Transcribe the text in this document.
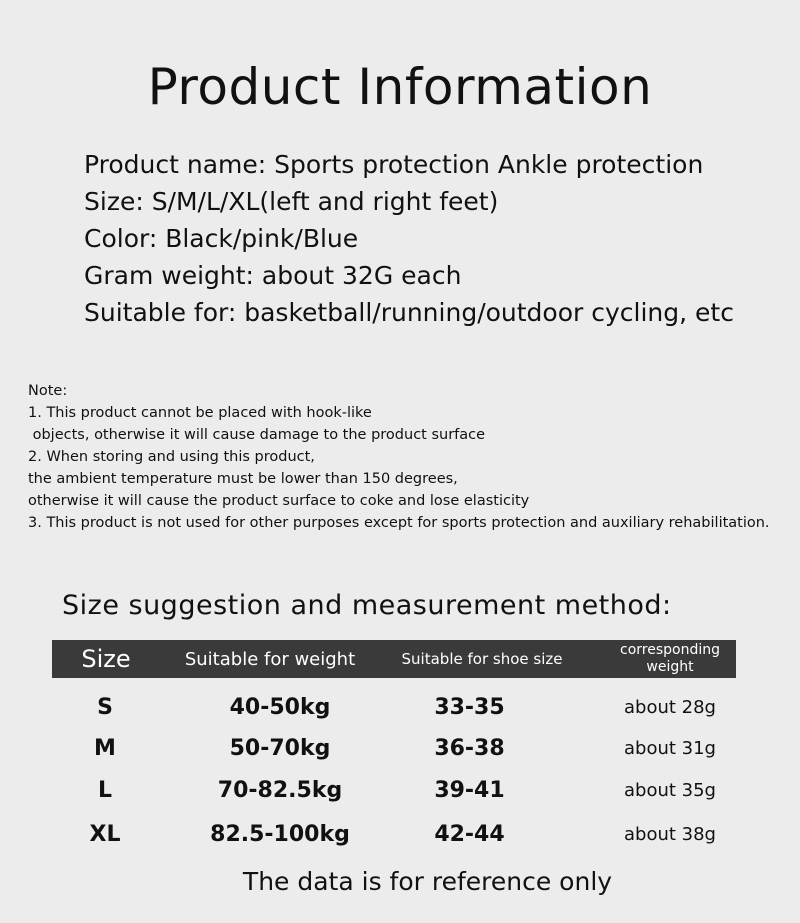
Product Information
Product name: Sports protection Ankle protection
Size: S/M/L/XL(left and right feet)
Color: Black/pink/Blue
Gram weight: about 32G each
Suitable for: basketball/running/outdoor cycling, etc
Note:
1. This product cannot be placed with hook-like
objects, otherwise it will cause damage to the product surface
2. When storing and using this product,
the ambient temperature must be lower than 150 degrees,
otherwise it will cause the product surface to coke and lose elasticity
3. This product is not used for other purposes except for sports protection and auxiliary rehabilitation.
Size suggestion and measurement method:
Size	Suitable for weight	Suitable for shoe size	corresponding weight
S	40-50kg	33-35	about 28g
M	50-70kg	36-38	about 31g
L	70-82.5kg	39-41	about 35g
XL	82.5-100kg	42-44	about 38g
The data is for reference only
